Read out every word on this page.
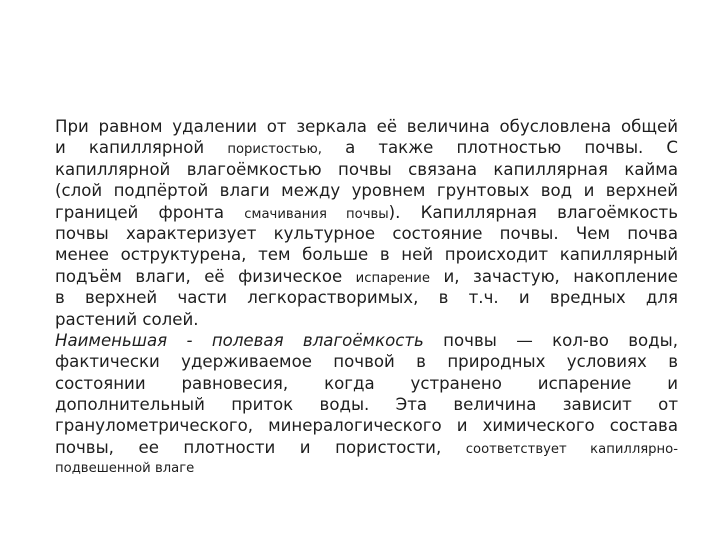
При равном удалении от зеркала её величина обусловлена общей
и капиллярной пористостью, а также плотностью почвы. С
капиллярной влагоёмкостью почвы связана капиллярная кайма
(слой подпёртой влаги между уровнем грунтовых вод и верхней
границей фронта смачивания почвы). Капиллярная влагоёмкость
почвы характеризует культурное состояние почвы. Чем почва
менее оструктурена, тем больше в ней происходит капиллярный
подъём влаги, её физическое испарение и, зачастую, накопление
в верхней части легкорастворимых, в т.ч. и вредных для
растений солей.
Наименьшая - полевая влагоёмкость почвы — кол-во воды,
фактически удерживаемое почвой в природных условиях в
состоянии равновесия, когда устранено испарение и
дополнительный приток воды. Эта величина зависит от
гранулометрического, минералогического и химического состава
почвы, ее плотности и пористости, соответствует капиллярно-
подвешенной влаге
